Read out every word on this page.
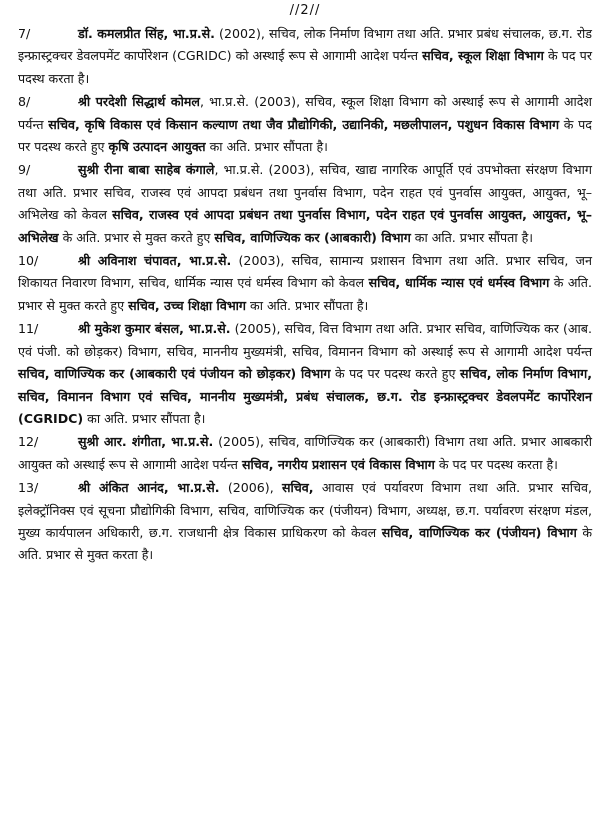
//2//

7/	डॉ. कमलप्रीत सिंह, भा.प्र.से. (2002), सचिव, लोक निर्माण विभाग तथा अति. प्रभार प्रबंध संचालक, छ.ग. रोड इन्फ्रास्ट्रक्चर डेवलपमेंट कार्पोरेशन (CGRIDC) को अस्थाई रूप से आगामी आदेश पर्यन्त सचिव, स्कूल शिक्षा विभाग के पद पर पदस्थ करता है।

8/	श्री परदेशी सिद्धार्थ कोमल, भा.प्र.से. (2003), सचिव, स्कूल शिक्षा विभाग को अस्थाई रूप से आगामी आदेश पर्यन्त सचिव, कृषि विकास एवं किसान कल्याण तथा जैव प्रौद्योगिकी, उद्यानिकी, मछलीपालन, पशुधन विकास विभाग के पद पर पदस्थ करते हुए कृषि उत्पादन आयुक्त का अति. प्रभार सौंपता है।

9/	सुश्री रीना बाबा साहेब कंगाले, भा.प्र.से. (2003), सचिव, खाद्य नागरिक आपूर्ति एवं उपभोक्ता संरक्षण विभाग तथा अति. प्रभार सचिव, राजस्व एवं आपदा प्रबंधन तथा पुनर्वास विभाग, पदेन राहत एवं पुनर्वास आयुक्त, आयुक्त, भू–अभिलेख को केवल सचिव, राजस्व एवं आपदा प्रबंधन तथा पुनर्वास विभाग, पदेन राहत एवं पुनर्वास आयुक्त, आयुक्त, भू–अभिलेख के अति. प्रभार से मुक्त करते हुए सचिव, वाणिज्यिक कर (आबकारी) विभाग का अति. प्रभार सौंपता है।

10/	श्री अविनाश चंपावत, भा.प्र.से. (2003), सचिव, सामान्य प्रशासन विभाग तथा अति. प्रभार सचिव, जन शिकायत निवारण विभाग, सचिव, धार्मिक न्यास एवं धर्मस्व विभाग को केवल सचिव, धार्मिक न्यास एवं धर्मस्व विभाग के अति. प्रभार से मुक्त करते हुए सचिव, उच्च शिक्षा विभाग का अति. प्रभार सौंपता है।

11/	श्री मुकेश कुमार बंसल, भा.प्र.से. (2005), सचिव, वित्त विभाग तथा अति. प्रभार सचिव, वाणिज्यिक कर (आब. एवं पंजी. को छोड़कर) विभाग, सचिव, माननीय मुख्यमंत्री, सचिव, विमानन विभाग को अस्थाई रूप से आगामी आदेश पर्यन्त सचिव, वाणिज्यिक कर (आबकारी एवं पंजीयन को छोड़कर) विभाग के पद पर पदस्थ करते हुए सचिव, लोक निर्माण विभाग, सचिव, विमानन विभाग एवं सचिव, माननीय मुख्यमंत्री, प्रबंध संचालक, छ.ग. रोड इन्फ्रास्ट्रक्चर डेवलपमेंट कार्पोरेशन (CGRIDC) का अति. प्रभार सौंपता है।

12/	सुश्री आर. शंगीता, भा.प्र.से. (2005), सचिव, वाणिज्यिक कर (आबकारी) विभाग तथा अति. प्रभार आबकारी आयुक्त को अस्थाई रूप से आगामी आदेश पर्यन्त सचिव, नगरीय प्रशासन एवं विकास विभाग के पद पर पदस्थ करता है।

13/	श्री अंकित आनंद, भा.प्र.से. (2006), सचिव, आवास एवं पर्यावरण विभाग तथा अति. प्रभार सचिव, इलेक्ट्रॉनिक्स एवं सूचना प्रौद्योगिकी विभाग, सचिव, वाणिज्यिक कर (पंजीयन) विभाग, अध्यक्ष, छ.ग. पर्यावरण संरक्षण मंडल, मुख्य कार्यपालन अधिकारी, छ.ग. राजधानी क्षेत्र विकास प्राधिकरण को केवल सचिव, वाणिज्यिक कर (पंजीयन) विभाग के अति. प्रभार से मुक्त करता है।
